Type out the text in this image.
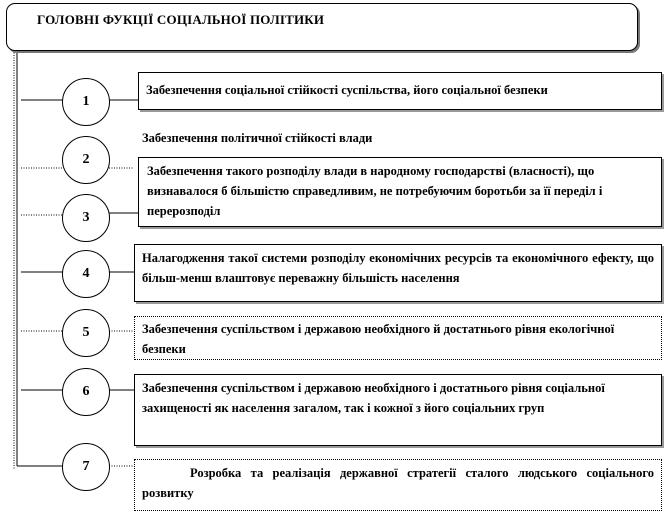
ГОЛОВНІ ФУКЦІЇ СОЦІАЛЬНОЇ ПОЛІТИКИ
Забезпечення соціальної стійкості суспільства, його соціальної безпеки
Забезпечення політичної стійкості влади
Забезпечення такого розподілу влади в народному господарстві (власності), що визнавалося б більшістю справедливим, не потребуючим боротьби за її переділ і перерозподіл
Налагодження такої системи розподілу економічних ресурсів та економічного ефекту, що більш-менш влаштовує переважну більшість населення
Забезпечення суспільством і державою необхідного й достатнього рівня екологічної безпеки
Забезпечення суспільством і державою необхідного і достатнього рівня соціальної захищеності як населення загалом, так і кожної з його соціальних груп
Розробка та реалізація державної стратегії сталого людського соціального розвитку
1
2
3
4
5
6
7
